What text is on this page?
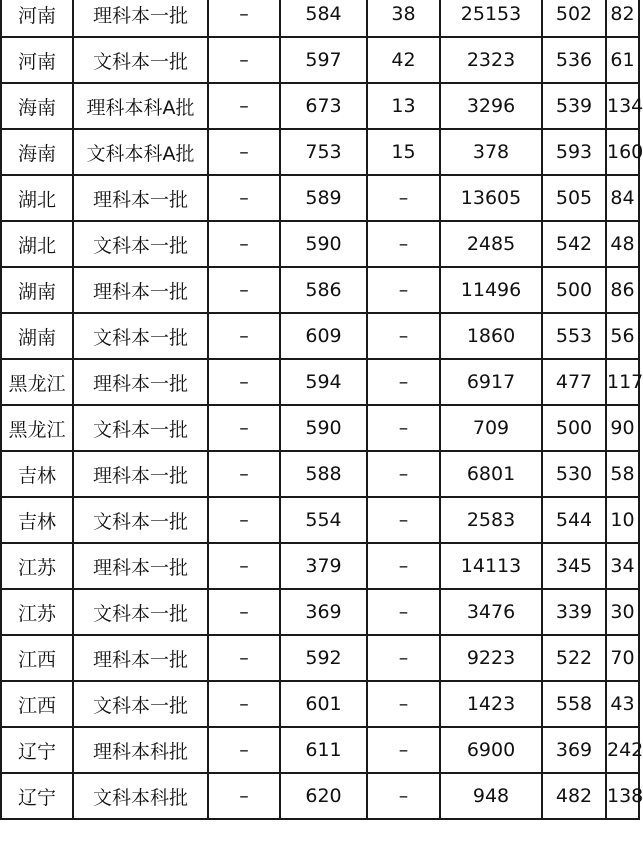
河南	理科本一批	–	584	38	25153	502	82
河南	文科本一批	–	597	42	2323	536	61
海南	理科本科A批	–	673	13	3296	539	134
海南	文科本科A批	–	753	15	378	593	160
湖北	理科本一批	–	589	–	13605	505	84
湖北	文科本一批	–	590	–	2485	542	48
湖南	理科本一批	–	586	–	11496	500	86
湖南	文科本一批	–	609	–	1860	553	56
黑龙江	理科本一批	–	594	–	6917	477	117
黑龙江	文科本一批	–	590	–	709	500	90
吉林	理科本一批	–	588	–	6801	530	58
吉林	文科本一批	–	554	–	2583	544	10
江苏	理科本一批	–	379	–	14113	345	34
江苏	文科本一批	–	369	–	3476	339	30
江西	理科本一批	–	592	–	9223	522	70
江西	文科本一批	–	601	–	1423	558	43
辽宁	理科本科批	–	611	–	6900	369	242
辽宁	文科本科批	–	620	–	948	482	138
